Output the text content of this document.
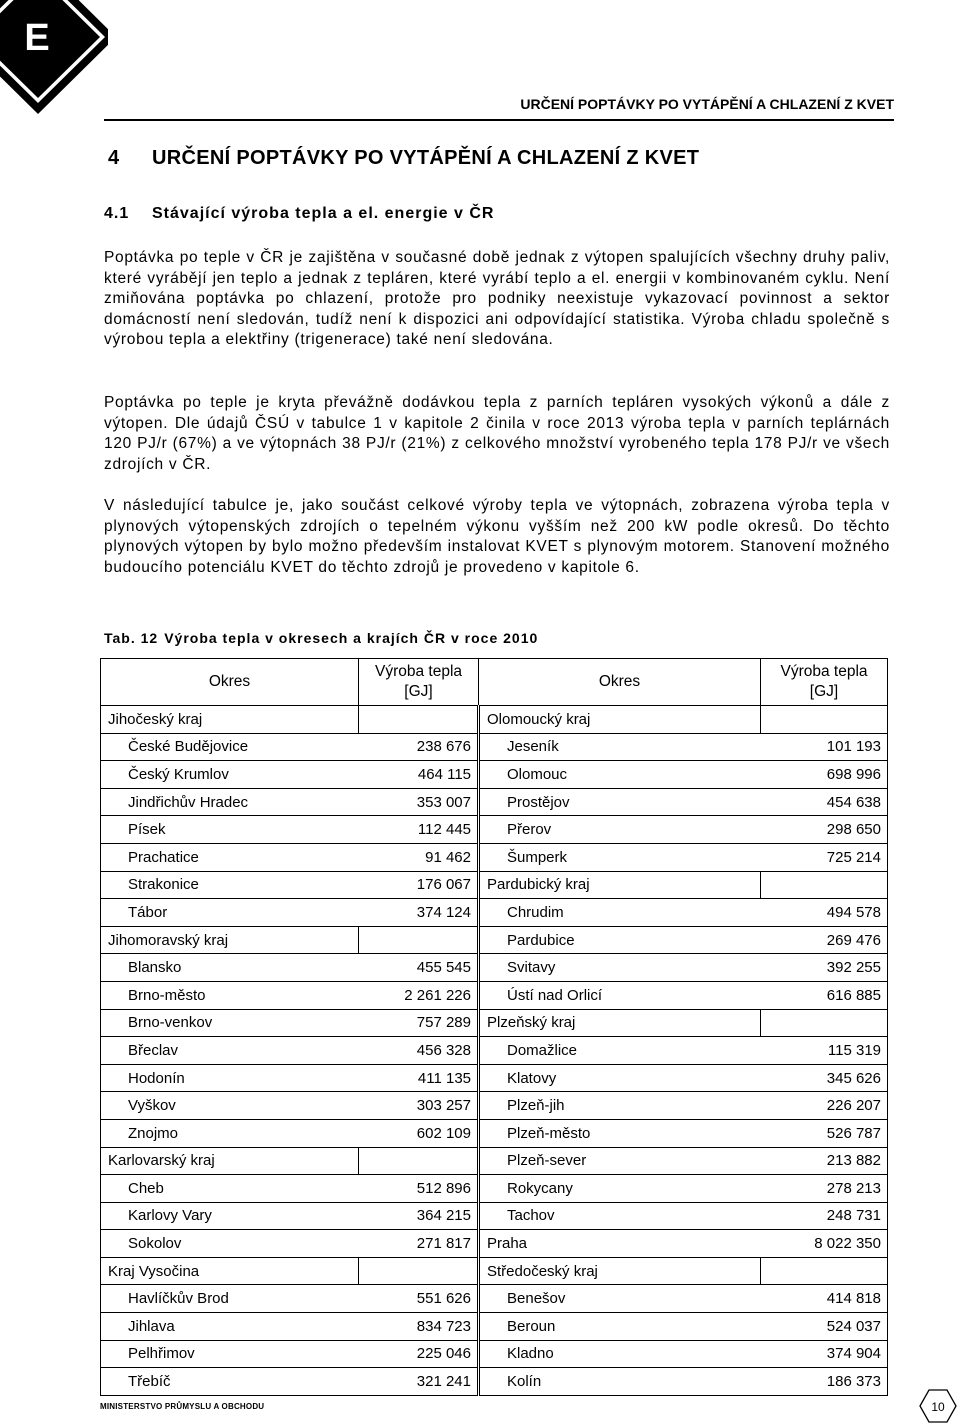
E
URČENÍ POPTÁVKY PO VYTÁPĚNÍ A CHLAZENÍ Z KVET
4 URČENÍ POPTÁVKY PO VYTÁPĚNÍ A CHLAZENÍ Z KVET
4.1 Stávající výroba tepla a el. energie v ČR

Poptávka po teple v ČR je zajištěna v současné době jednak z výtopen spalujících všechny druhy paliv, které vyrábějí jen teplo a jednak z tepláren, které vyrábí teplo a el. energii v kombinovaném cyklu. Není zmiňována poptávka po chlazení, protože pro podniky neexistuje vykazovací povinnost a sektor domácností není sledován, tudíž není k dispozici ani odpovídající statistika. Výroba chladu společně s výrobou tepla a elektřiny (trigenerace) také není sledována.

Poptávka po teple je kryta převážně dodávkou tepla z parních tepláren vysokých výkonů a dále z výtopen. Dle údajů ČSÚ v tabulce 1 v kapitole 2 činila v roce 2013 výroba tepla v parních teplárnách 120 PJ/r (67%) a ve výtopnách 38 PJ/r (21%) z celkového množství vyrobeného tepla 178 PJ/r ve všech zdrojích v ČR.

V následující tabulce je, jako součást celkové výroby tepla ve výtopnách, zobrazena výroba tepla v plynových výtopenských zdrojích o tepelném výkonu vyšším než 200 kW podle okresů. Do těchto plynových výtopen by bylo možno především instalovat KVET s plynovým motorem. Stanovení možného budoucího potenciálu KVET do těchto zdrojů je provedeno v kapitole 6.

Tab. 12 Výroba tepla v okresech a krajích ČR v roce 2010
Okres	Výroba tepla [GJ]	Okres	Výroba tepla [GJ]
Jihočeský kraj		Olomoucký kraj	
České Budějovice	238 676	Jeseník	101 193
Český Krumlov	464 115	Olomouc	698 996
Jindřichův Hradec	353 007	Prostějov	454 638
Písek	112 445	Přerov	298 650
Prachatice	91 462	Šumperk	725 214
Strakonice	176 067	Pardubický kraj	
Tábor	374 124	Chrudim	494 578
Jihomoravský kraj		Pardubice	269 476
Blansko	455 545	Svitavy	392 255
Brno-město	2 261 226	Ústí nad Orlicí	616 885
Brno-venkov	757 289	Plzeňský kraj	
Břeclav	456 328	Domažlice	115 319
Hodonín	411 135	Klatovy	345 626
Vyškov	303 257	Plzeň-jih	226 207
Znojmo	602 109	Plzeň-město	526 787
Karlovarský kraj		Plzeň-sever	213 882
Cheb	512 896	Rokycany	278 213
Karlovy Vary	364 215	Tachov	248 731
Sokolov	271 817	Praha	8 022 350
Kraj Vysočina		Středočeský kraj	
Havlíčkův Brod	551 626	Benešov	414 818
Jihlava	834 723	Beroun	524 037
Pelhřimov	225 046	Kladno	374 904
Třebíč	321 241	Kolín	186 373
MINISTERSTVO PRŮMYSLU A OBCHODU	10
